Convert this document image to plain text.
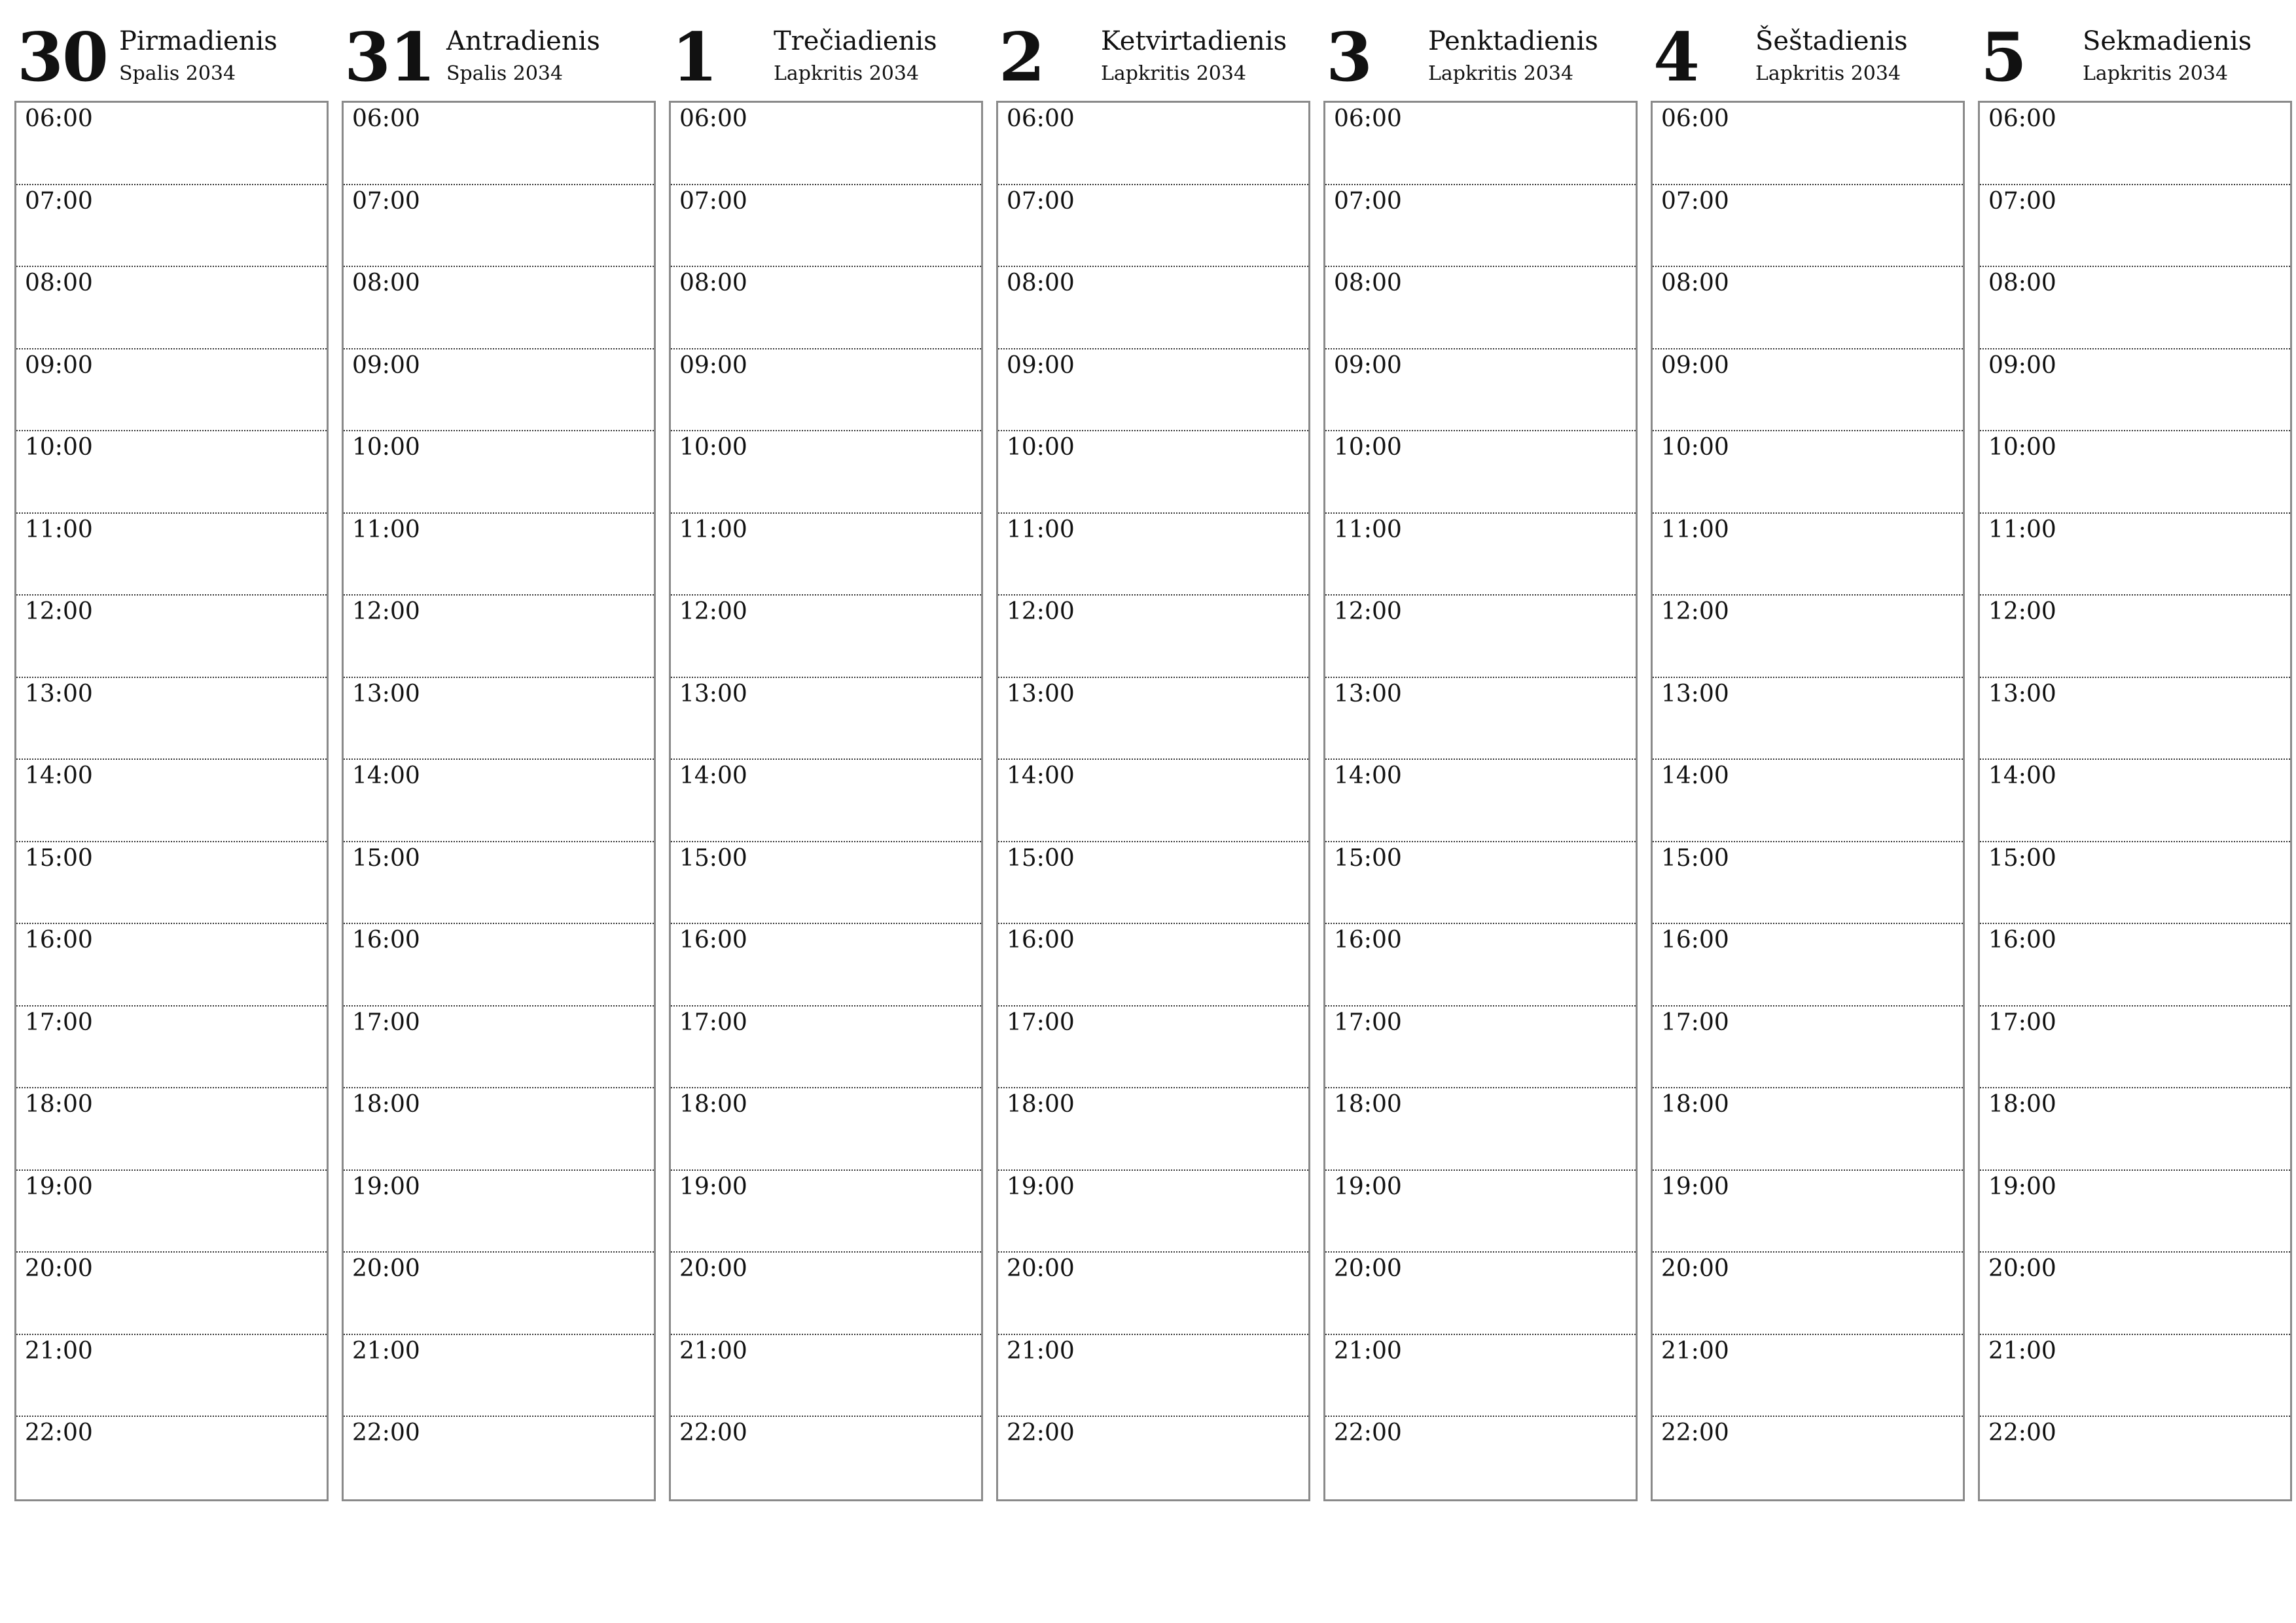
30 Pirmadienis
Spalis 2034
06:00
07:00
08:00
09:00
10:00
11:00
12:00
13:00
14:00
15:00
16:00
17:00
18:00
19:00
20:00
21:00
22:00
31 Antradienis
Spalis 2034
06:00
07:00
08:00
09:00
10:00
11:00
12:00
13:00
14:00
15:00
16:00
17:00
18:00
19:00
20:00
21:00
22:00
1 Trečiadienis
Lapkritis 2034
06:00
07:00
08:00
09:00
10:00
11:00
12:00
13:00
14:00
15:00
16:00
17:00
18:00
19:00
20:00
21:00
22:00
2 Ketvirtadienis
Lapkritis 2034
06:00
07:00
08:00
09:00
10:00
11:00
12:00
13:00
14:00
15:00
16:00
17:00
18:00
19:00
20:00
21:00
22:00
3 Penktadienis
Lapkritis 2034
06:00
07:00
08:00
09:00
10:00
11:00
12:00
13:00
14:00
15:00
16:00
17:00
18:00
19:00
20:00
21:00
22:00
4 Šeštadienis
Lapkritis 2034
06:00
07:00
08:00
09:00
10:00
11:00
12:00
13:00
14:00
15:00
16:00
17:00
18:00
19:00
20:00
21:00
22:00
5 Sekmadienis
Lapkritis 2034
06:00
07:00
08:00
09:00
10:00
11:00
12:00
13:00
14:00
15:00
16:00
17:00
18:00
19:00
20:00
21:00
22:00
